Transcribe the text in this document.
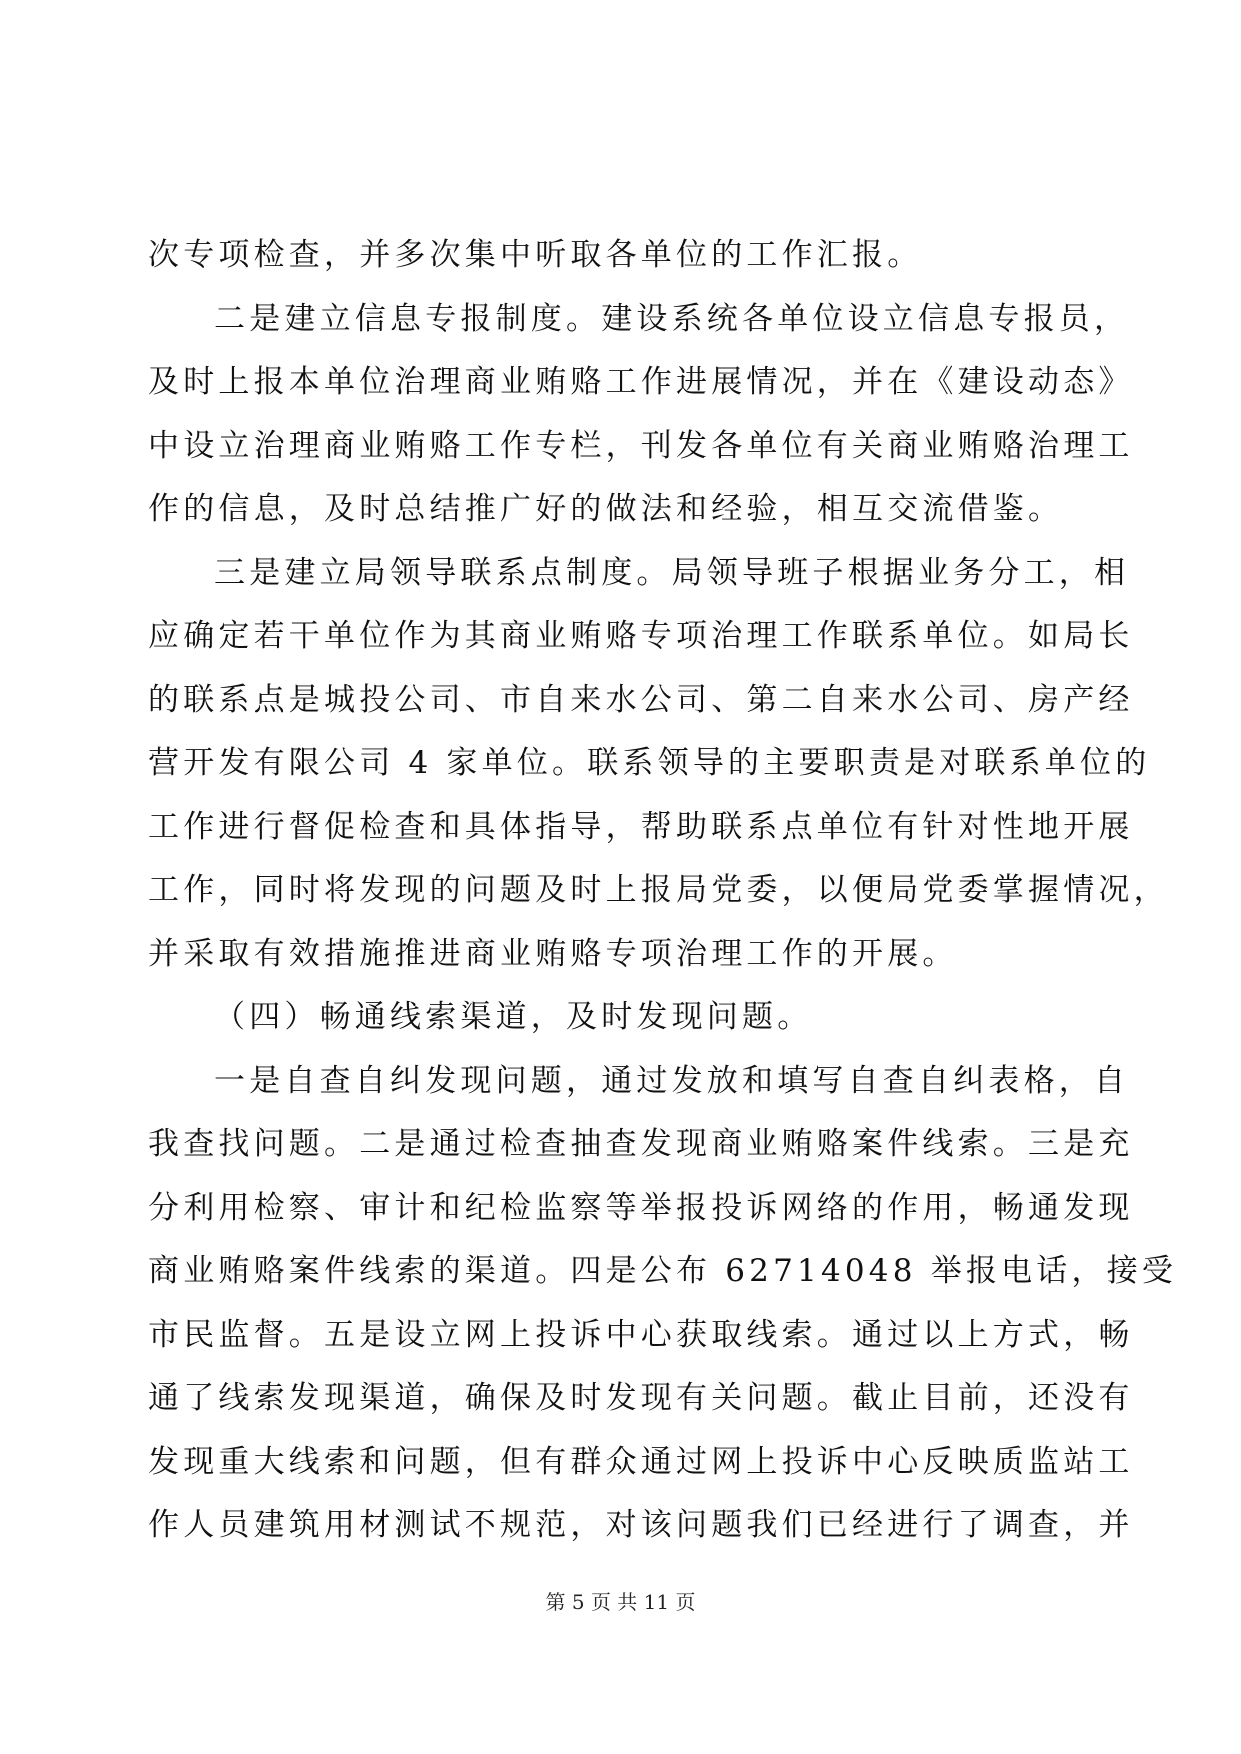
次专项检查，并多次集中听取各单位的工作汇报。
二是建立信息专报制度。建设系统各单位设立信息专报员，
及时上报本单位治理商业贿赂工作进展情况，并在《建设动态》
中设立治理商业贿赂工作专栏，刊发各单位有关商业贿赂治理工
作的信息，及时总结推广好的做法和经验，相互交流借鉴。
三是建立局领导联系点制度。局领导班子根据业务分工，相
应确定若干单位作为其商业贿赂专项治理工作联系单位。如局长
的联系点是城投公司、市自来水公司、第二自来水公司、房产经
营开发有限公司 4 家单位。联系领导的主要职责是对联系单位的
工作进行督促检查和具体指导，帮助联系点单位有针对性地开展
工作，同时将发现的问题及时上报局党委，以便局党委掌握情况，
并采取有效措施推进商业贿赂专项治理工作的开展。
（四）畅通线索渠道，及时发现问题。
一是自查自纠发现问题，通过发放和填写自查自纠表格，自
我查找问题。二是通过检查抽查发现商业贿赂案件线索。三是充
分利用检察、审计和纪检监察等举报投诉网络的作用，畅通发现
商业贿赂案件线索的渠道。四是公布 62714048 举报电话，接受
市民监督。五是设立网上投诉中心获取线索。通过以上方式，畅
通了线索发现渠道，确保及时发现有关问题。截止目前，还没有
发现重大线索和问题，但有群众通过网上投诉中心反映质监站工
作人员建筑用材测试不规范，对该问题我们已经进行了调查，并
第 5 页 共 11 页
